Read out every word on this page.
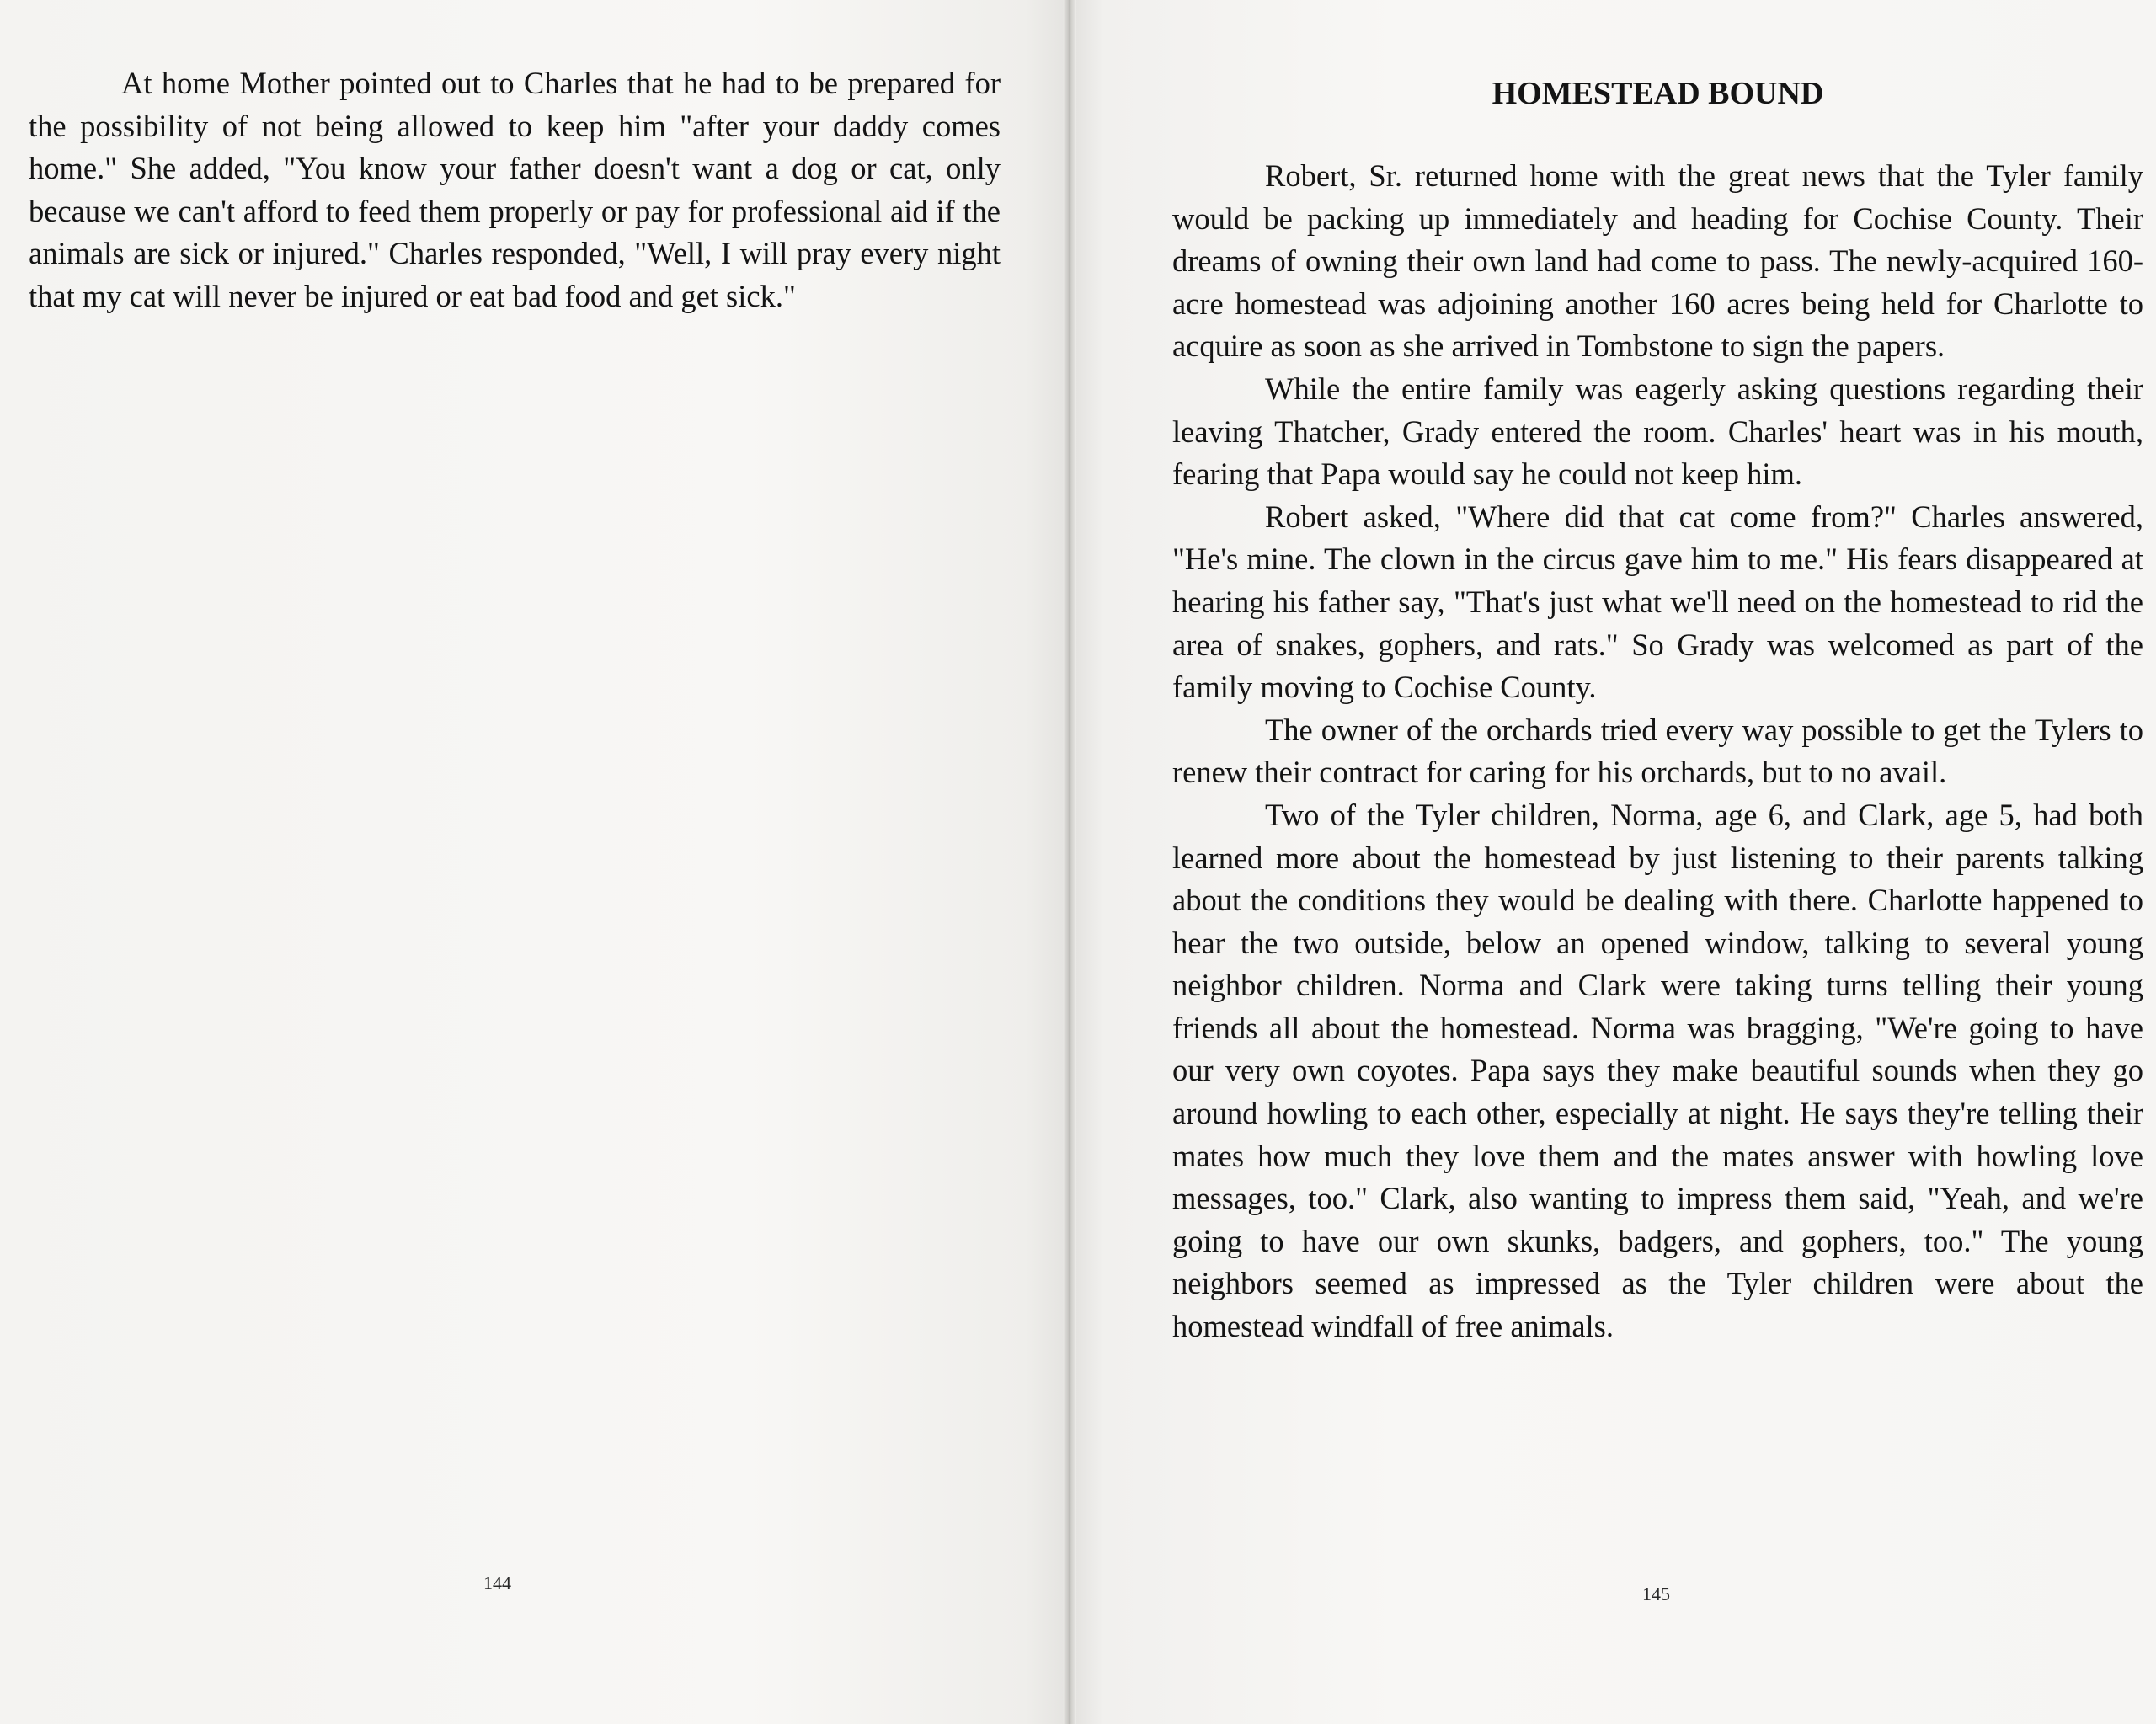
At home Mother pointed out to Charles that he had to be prepared for the possibility of not being allowed to keep him "after your daddy comes home." She added, "You know your father doesn't want a dog or cat, only because we can't afford to feed them properly or pay for professional aid if the animals are sick or injured." Charles responded, "Well, I will pray every night that my cat will never be injured or eat bad food and get sick."

144
HOMESTEAD BOUND

Robert, Sr. returned home with the great news that the Tyler family would be packing up immediately and heading for Cochise County. Their dreams of owning their own land had come to pass. The newly-acquired 160-acre homestead was adjoining another 160 acres being held for Charlotte to acquire as soon as she arrived in Tombstone to sign the papers.

While the entire family was eagerly asking questions regarding their leaving Thatcher, Grady entered the room. Charles' heart was in his mouth, fearing that Papa would say he could not keep him.

Robert asked, "Where did that cat come from?" Charles answered, "He's mine. The clown in the circus gave him to me." His fears disappeared at hearing his father say, "That's just what we'll need on the homestead to rid the area of snakes, gophers, and rats." So Grady was welcomed as part of the family moving to Cochise County.

The owner of the orchards tried every way possible to get the Tylers to renew their contract for caring for his orchards, but to no avail.

Two of the Tyler children, Norma, age 6, and Clark, age 5, had both learned more about the homestead by just listening to their parents talking about the conditions they would be dealing with there. Charlotte happened to hear the two outside, below an opened window, talking to several young neighbor children. Norma and Clark were taking turns telling their young friends all about the homestead. Norma was bragging, "We're going to have our very own coyotes. Papa says they make beautiful sounds when they go around howling to each other, especially at night. He says they're telling their mates how much they love them and the mates answer with howling love messages, too." Clark, also wanting to impress them said, "Yeah, and we're going to have our own skunks, badgers, and gophers, too." The young neighbors seemed as impressed as the Tyler children were about the homestead windfall of free animals.

145
